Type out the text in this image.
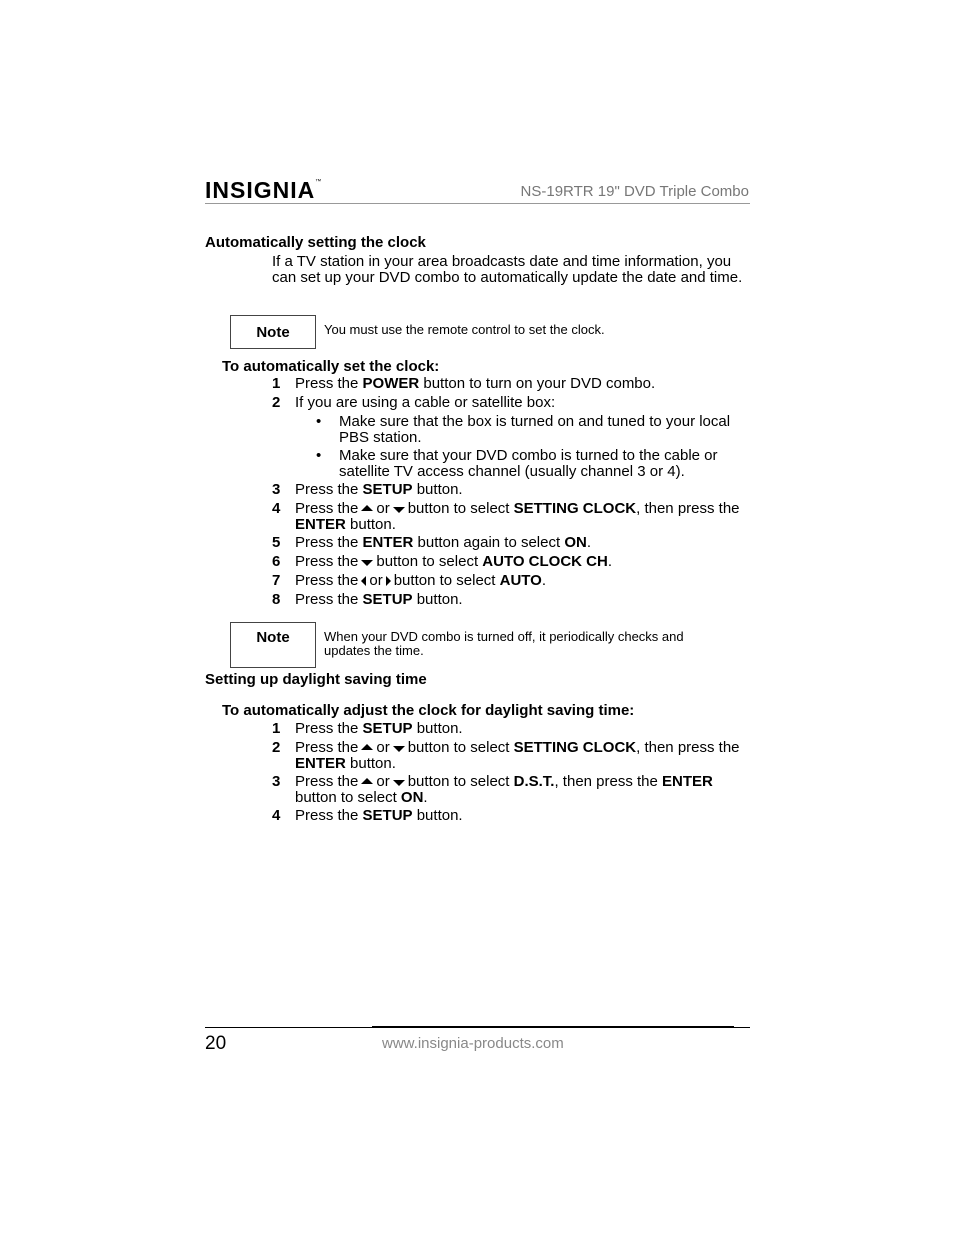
INSIGNIA™
NS-19RTR 19" DVD Triple Combo
Automatically setting the clock
If a TV station in your area broadcasts date and time information, you can set up your DVD combo to automatically update the date and time.
Note	You must use the remote control to set the clock.
To automatically set the clock:
1 Press the POWER button to turn on your DVD combo.
2 If you are using a cable or satellite box:
• Make sure that the box is turned on and tuned to your local PBS station.
• Make sure that your DVD combo is turned to the cable or satellite TV access channel (usually channel 3 or 4).
3 Press the SETUP button.
4 Press the or button to select SETTING CLOCK, then press the ENTER button.
5 Press the ENTER button again to select ON.
6 Press the button to select AUTO CLOCK CH.
7 Press the or button to select AUTO.
8 Press the SETUP button.
Note	When your DVD combo is turned off, it periodically checks and updates the time.
Setting up daylight saving time
To automatically adjust the clock for daylight saving time:
1 Press the SETUP button.
2 Press the or button to select SETTING CLOCK, then press the ENTER button.
3 Press the or button to select D.S.T., then press the ENTER button to select ON.
4 Press the SETUP button.
20	www.insignia-products.com
